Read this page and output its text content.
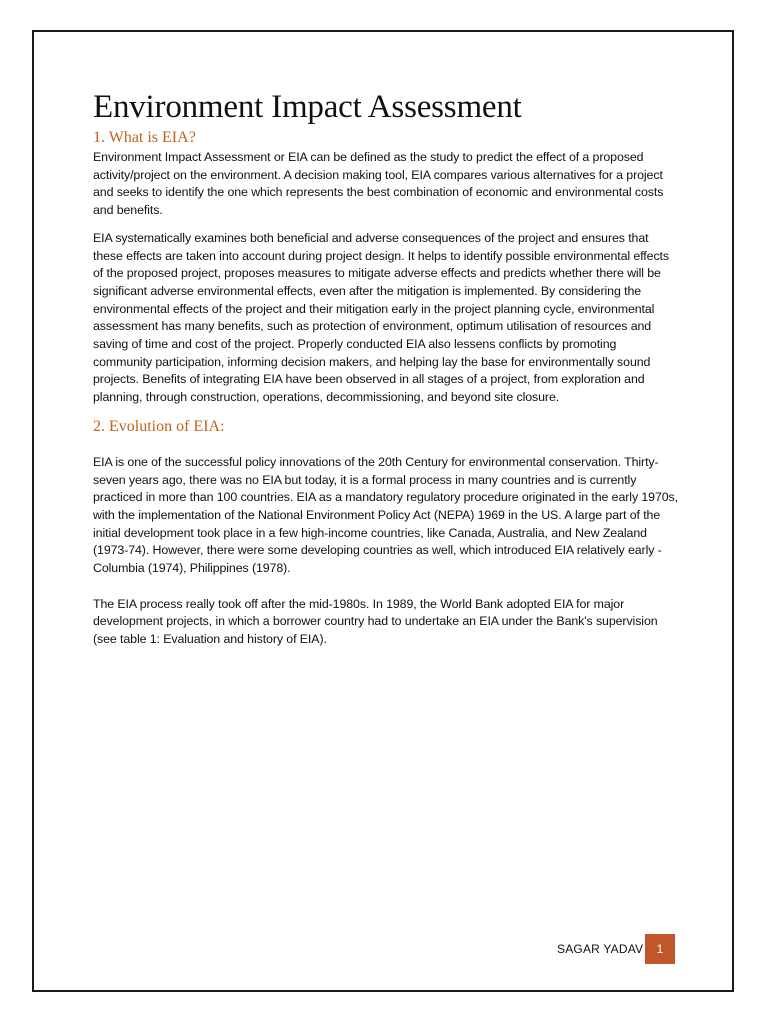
Environment Impact Assessment
1. What is EIA?

Environment Impact Assessment or EIA can be defined as the study to predict the effect of a proposed activity/project on the environment. A decision making tool, EIA compares various alternatives for a project and seeks to identify the one which represents the best combination of economic and environmental costs and benefits.

EIA systematically examines both beneficial and adverse consequences of the project and ensures that these effects are taken into account during project design. It helps to identify possible environmental effects of the proposed project, proposes measures to mitigate adverse effects and predicts whether there will be significant adverse environmental effects, even after the mitigation is implemented. By considering the environmental effects of the project and their mitigation early in the project planning cycle, environmental assessment has many benefits, such as protection of environment, optimum utilisation of resources and saving of time and cost of the project. Properly conducted EIA also lessens conflicts by promoting community participation, informing decision makers, and helping lay the base for environmentally sound projects. Benefits of integrating EIA have been observed in all stages of a project, from exploration and planning, through construction, operations, decommissioning, and beyond site closure.

2. Evolution of EIA:

EIA is one of the successful policy innovations of the 20th Century for environmental conservation. Thirty-seven years ago, there was no EIA but today, it is a formal process in many countries and is currently practiced in more than 100 countries. EIA as a mandatory regulatory procedure originated in the early 1970s, with the implementation of the National Environment Policy Act (NEPA) 1969 in the US. A large part of the initial development took place in a few high-income countries, like Canada, Australia, and New Zealand (1973-74). However, there were some developing countries as well, which introduced EIA relatively early - Columbia (1974), Philippines (1978).

The EIA process really took off after the mid-1980s. In 1989, the World Bank adopted EIA for major development projects, in which a borrower country had to undertake an EIA under the Bank's supervision (see table 1: Evaluation and history of EIA).

SAGAR YADAV 1
